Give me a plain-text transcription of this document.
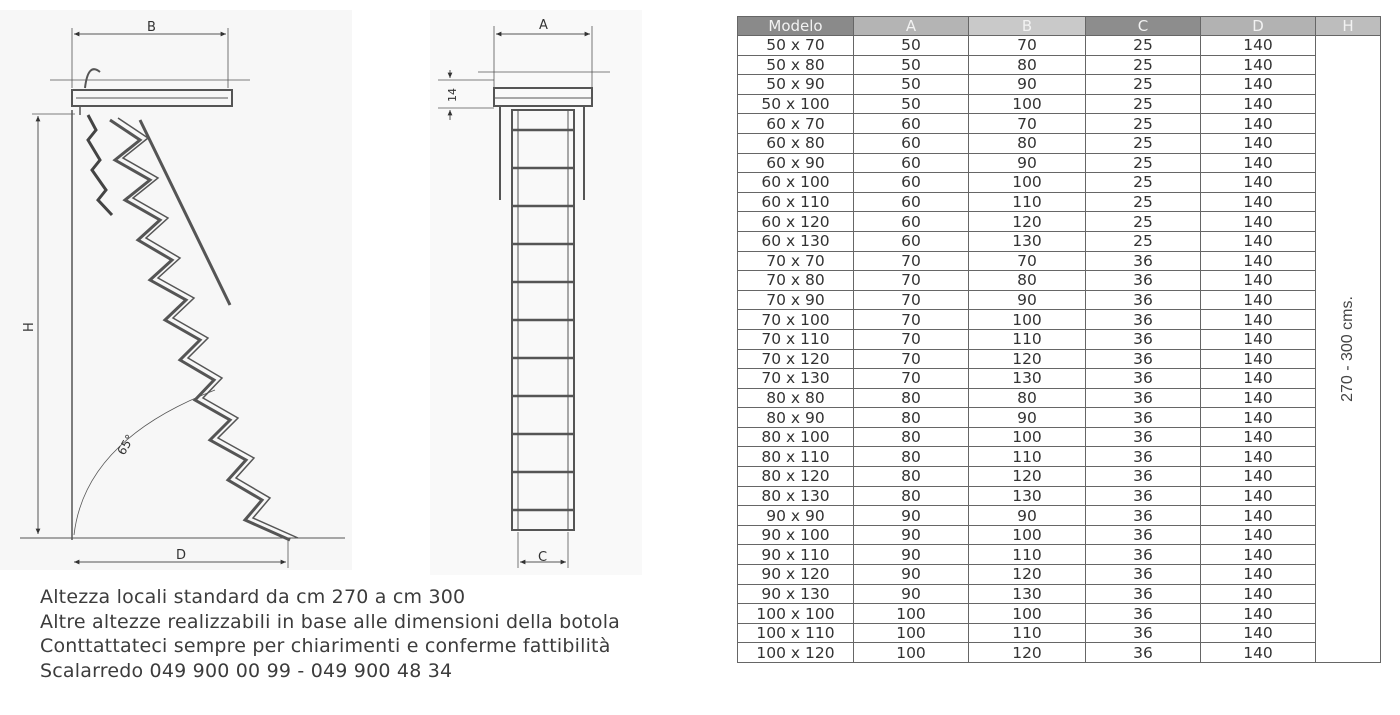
B	A
D	C
H
14
65°
Altezza locali standard da cm 270 a cm 300
Altre altezze realizzabili in base alle dimensioni della botola
Conttattateci sempre per chiarimenti e conferme fattibilità
Scalarredo 049 900 00 99 - 049 900 48 34
Modelo	A	B	C	D	H
50 x 70	50	70	25	140	270 - 300 cms.

50 x 80	50	80	25	140	
50 x 90	50	90	25	140	
50 x 100	50	100	25	140	
60 x 70	60	70	25	140	
60 x 80	60	80	25	140	
60 x 90	60	90	25	140	
60 x 100	60	100	25	140	
60 x 110	60	110	25	140	
60 x 120	60	120	25	140	
60 x 130	60	130	25	140	
70 x 70	70	70	36	140	
70 x 80	70	80	36	140	
70 x 90	70	90	36	140	
70 x 100	70	100	36	140	
70 x 110	70	110	36	140	
70 x 120	70	120	36	140	
70 x 130	70	130	36	140	
80 x 80	80	80	36	140	
80 x 90	80	90	36	140	
80 x 100	80	100	36	140	
80 x 110	80	110	36	140	
80 x 120	80	120	36	140	
80 x 130	80	130	36	140	
90 x 90	90	90	36	140	
90 x 100	90	100	36	140	
90 x 110	90	110	36	140	
90 x 120	90	120	36	140	
90 x 130	90	130	36	140	
100 x 100	100	100	36	140	
100 x 110	100	110	36	140	
100 x 120	100	120	36	140	
